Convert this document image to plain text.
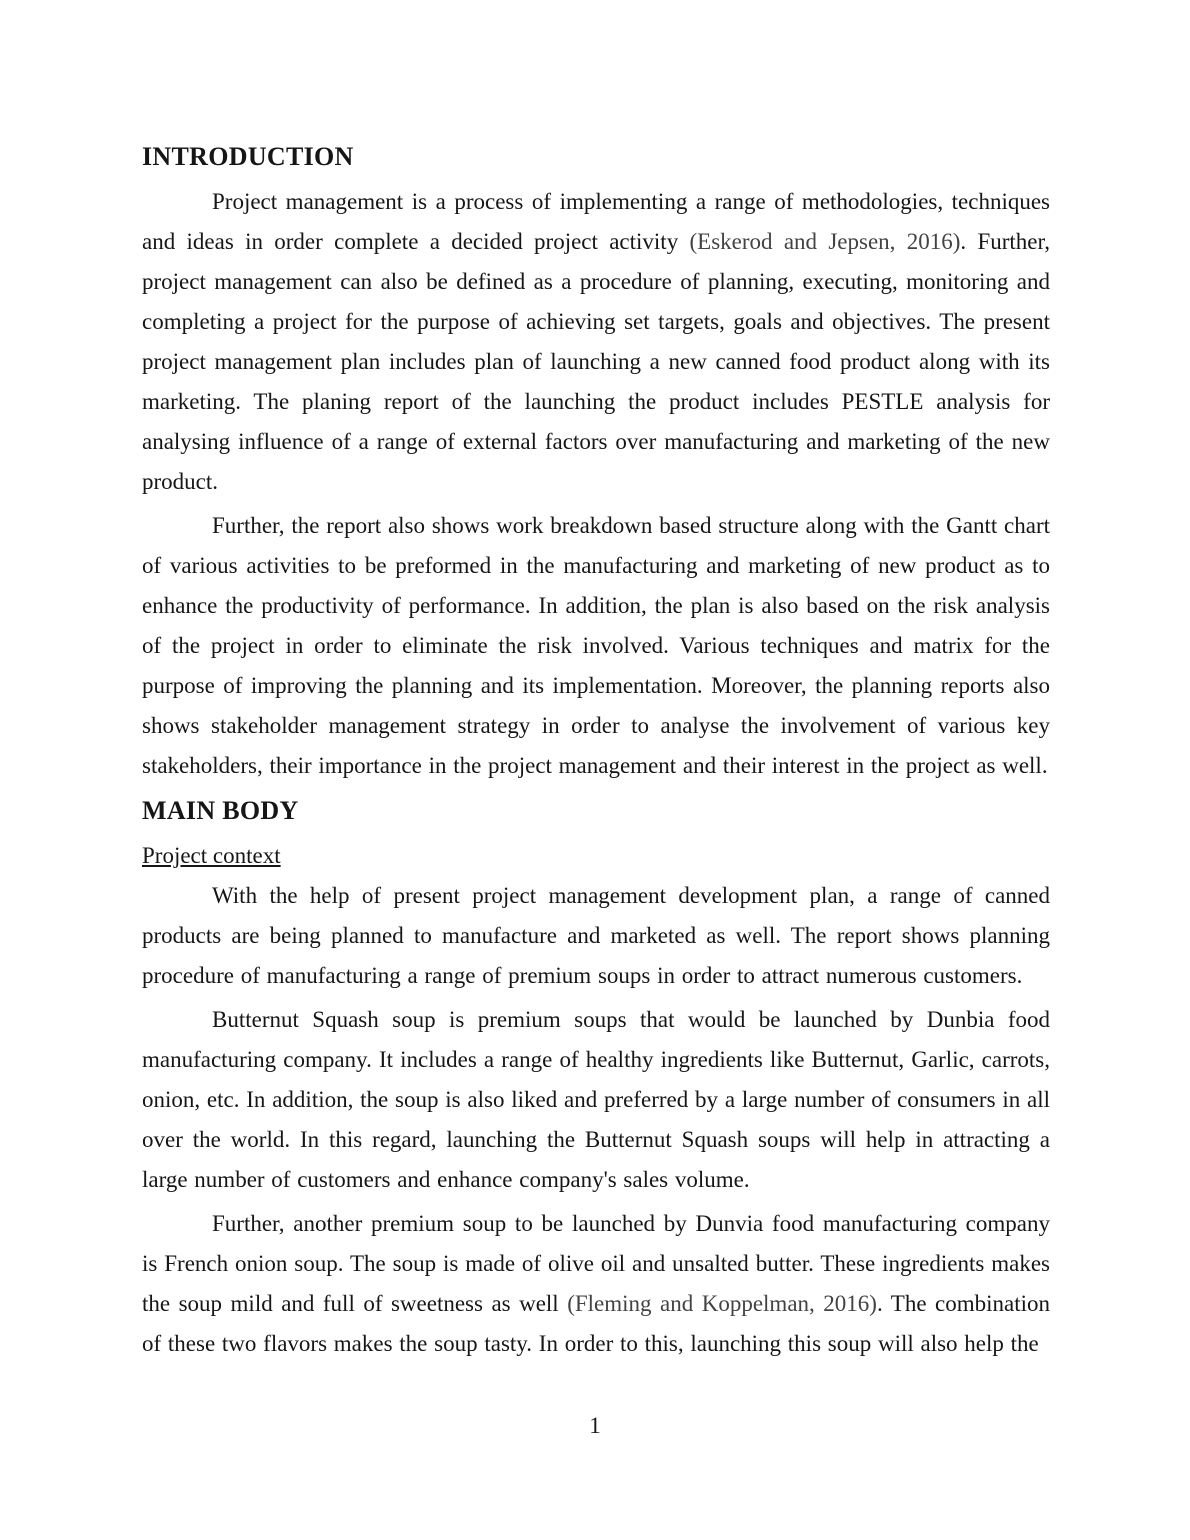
INTRODUCTION

Project management is a process of implementing a range of methodologies, techniques and ideas in order complete a decided project activity (Eskerod and Jepsen, 2016). Further, project management can also be defined as a procedure of planning, executing, monitoring and completing a project for the purpose of achieving set targets, goals and objectives. The present project management plan includes plan of launching a new canned food product along with its marketing. The planing report of the launching the product includes PESTLE analysis for analysing influence of a range of external factors over manufacturing and marketing of the new product.

Further, the report also shows work breakdown based structure along with the Gantt chart of various activities to be preformed in the manufacturing and marketing of new product as to enhance the productivity of performance. In addition, the plan is also based on the risk analysis of the project in order to eliminate the risk involved. Various techniques and matrix for the purpose of improving the planning and its implementation. Moreover, the planning reports also shows stakeholder management strategy in order to analyse the involvement of various key stakeholders, their importance in the project management and their interest in the project as well.

MAIN BODY
Project context

With the help of present project management development plan, a range of canned products are being planned to manufacture and marketed as well. The report shows planning procedure of manufacturing a range of premium soups in order to attract numerous customers.

Butternut Squash soup is premium soups that would be launched by Dunbia food manufacturing company. It includes a range of healthy ingredients like Butternut, Garlic, carrots, onion, etc. In addition, the soup is also liked and preferred by a large number of consumers in all over the world. In this regard, launching the Butternut Squash soups will help in attracting a large number of customers and enhance company's sales volume.

Further, another premium soup to be launched by Dunvia food manufacturing company is French onion soup. The soup is made of olive oil and unsalted butter. These ingredients makes the soup mild and full of sweetness as well (Fleming and Koppelman, 2016). The combination of these two flavors makes the soup tasty. In order to this, launching this soup will also help the

1
